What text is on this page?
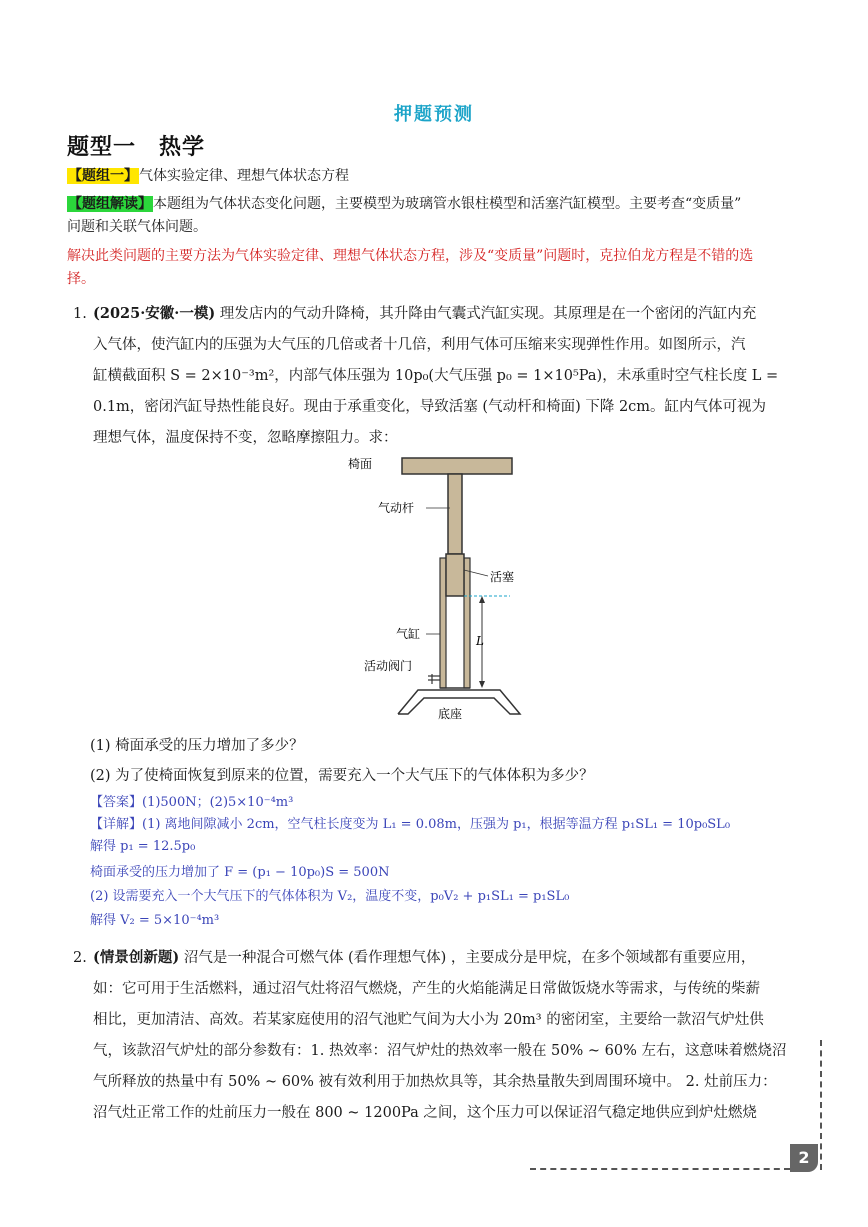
押题预测
题型一　热学
【题组一】气体实验定律、理想气体状态方程
【题组解读】本题组为气体状态变化问题，主要模型为玻璃管水银柱模型和活塞汽缸模型。主要考查“变质量”
问题和关联气体问题。
解决此类问题的主要方法为气体实验定律、理想气体状态方程，涉及“变质量”问题时，克拉伯龙方程是不错的选
择。
1. (2025·安徽·一模) 理发店内的气动升降椅，其升降由气囊式汽缸实现。其原理是在一个密闭的汽缸内充
入气体，使汽缸内的压强为大气压的几倍或者十几倍，利用气体可压缩来实现弹性作用。如图所示，汽
缸横截面积 S = 2×10⁻³m²，内部气体压强为 10p₀(大气压强 p₀ = 1×10⁵Pa)，未承重时空气柱长度 L =
0.1m，密闭汽缸导热性能良好。现由于承重变化，导致活塞 (气动杆和椅面) 下降 2cm。缸内气体可视为
理想气体，温度保持不变，忽略摩擦阻力。求：
L
椅面
气动杆
活塞
气缸
活动阀门
底座
(1) 椅面承受的压力增加了多少？
(2) 为了使椅面恢复到原来的位置，需要充入一个大气压下的气体体积为多少？
【答案】(1)500N；(2)5×10⁻⁴m³
【详解】(1) 离地间隙减小 2cm，空气柱长度变为 L₁ = 0.08m，压强为 p₁，根据等温方程 p₁SL₁ = 10p₀SL₀
解得 p₁ = 12.5p₀
椅面承受的压力增加了 F = (p₁ − 10p₀)S = 500N
(2) 设需要充入一个大气压下的气体体积为 V₂，温度不变，p₀V₂ + p₁SL₁ = p₁SL₀
解得 V₂ = 5×10⁻⁴m³
2. (情景创新题) 沼气是一种混合可燃气体 (看作理想气体) ，主要成分是甲烷，在多个领域都有重要应用，
如：它可用于生活燃料，通过沼气灶将沼气燃烧，产生的火焰能满足日常做饭烧水等需求，与传统的柴薪
相比，更加清洁、高效。若某家庭使用的沼气池贮气间为大小为 20m³ 的密闭室，主要给一款沼气炉灶供
气，该款沼气炉灶的部分参数有：1. 热效率：沼气炉灶的热效率一般在 50% ~ 60% 左右，这意味着燃烧沼
气所释放的热量中有 50% ~ 60% 被有效利用于加热炊具等，其余热量散失到周围环境中。 2. 灶前压力：
沼气灶正常工作的灶前压力一般在 800 ~ 1200Pa 之间，这个压力可以保证沼气稳定地供应到炉灶燃烧
2
